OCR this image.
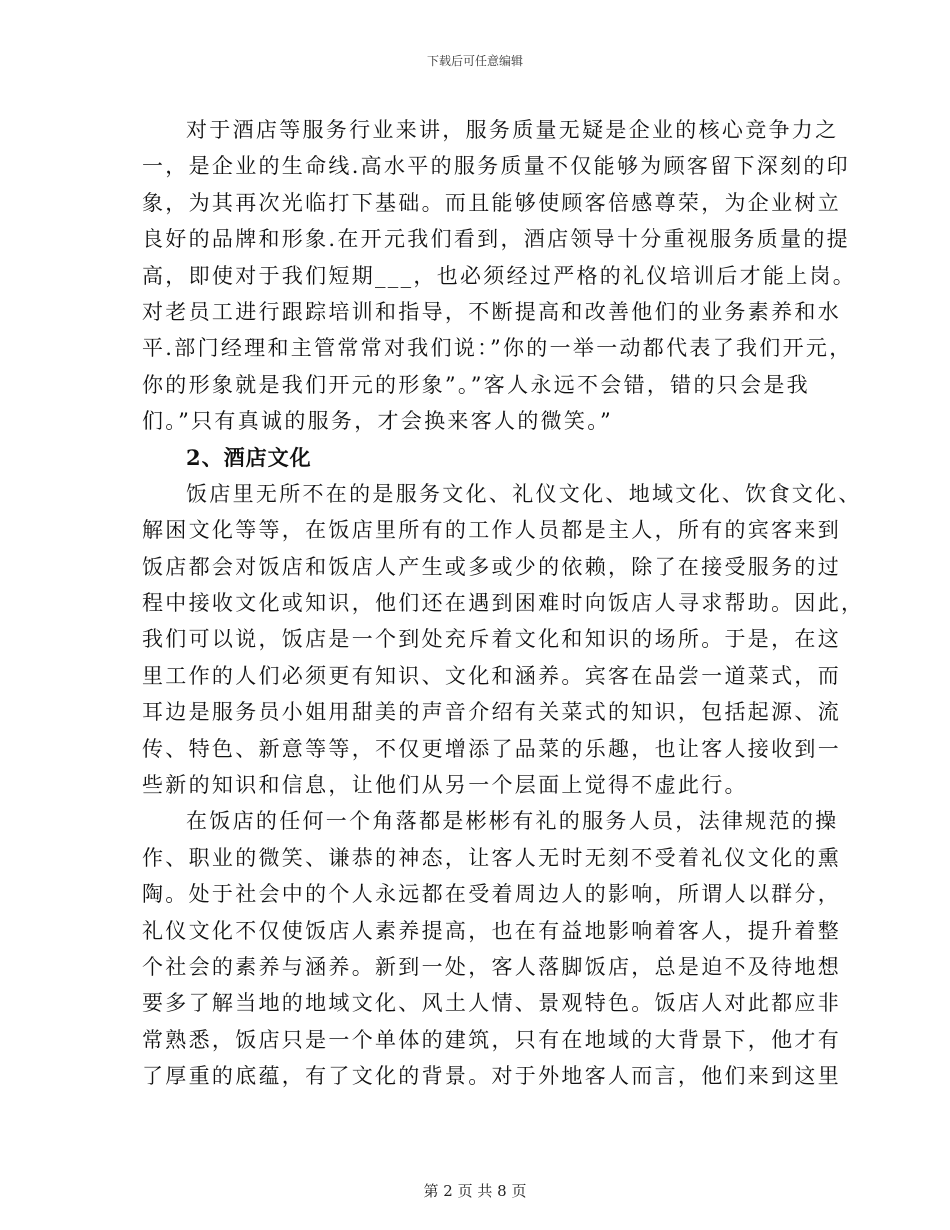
下载后可任意编辑
对于酒店等服务行业来讲，服务质量无疑是企业的核心竞争力之
一，是企业的生命线.高水平的服务质量不仅能够为顾客留下深刻的印
象，为其再次光临打下基础。而且能够使顾客倍感尊荣，为企业树立
良好的品牌和形象.在开元我们看到，酒店领导十分重视服务质量的提
高，即使对于我们短期___，也必须经过严格的礼仪培训后才能上岗。
对老员工进行跟踪培训和指导，不断提高和改善他们的业务素养和水
平.部门经理和主管常常对我们说：”你的一举一动都代表了我们开元，
你的形象就是我们开元的形象”。”客人永远不会错，错的只会是我
们。”只有真诚的服务，才会换来客人的微笑。”
2、酒店文化
饭店里无所不在的是服务文化、礼仪文化、地域文化、饮食文化、
解困文化等等，在饭店里所有的工作人员都是主人，所有的宾客来到
饭店都会对饭店和饭店人产生或多或少的依赖，除了在接受服务的过
程中接收文化或知识，他们还在遇到困难时向饭店人寻求帮助。因此，
我们可以说，饭店是一个到处充斥着文化和知识的场所。于是，在这
里工作的人们必须更有知识、文化和涵养。宾客在品尝一道菜式，而
耳边是服务员小姐用甜美的声音介绍有关菜式的知识，包括起源、流
传、特色、新意等等，不仅更增添了品菜的乐趣，也让客人接收到一
些新的知识和信息，让他们从另一个层面上觉得不虚此行。
在饭店的任何一个角落都是彬彬有礼的服务人员，法律规范的操
作、职业的微笑、谦恭的神态，让客人无时无刻不受着礼仪文化的熏
陶。处于社会中的个人永远都在受着周边人的影响，所谓人以群分，
礼仪文化不仅使饭店人素养提高，也在有益地影响着客人，提升着整
个社会的素养与涵养。新到一处，客人落脚饭店，总是迫不及待地想
要多了解当地的地域文化、风土人情、景观特色。饭店人对此都应非
常熟悉，饭店只是一个单体的建筑，只有在地域的大背景下，他才有
了厚重的底蕴，有了文化的背景。对于外地客人而言，他们来到这里
第 2 页 共 8 页
